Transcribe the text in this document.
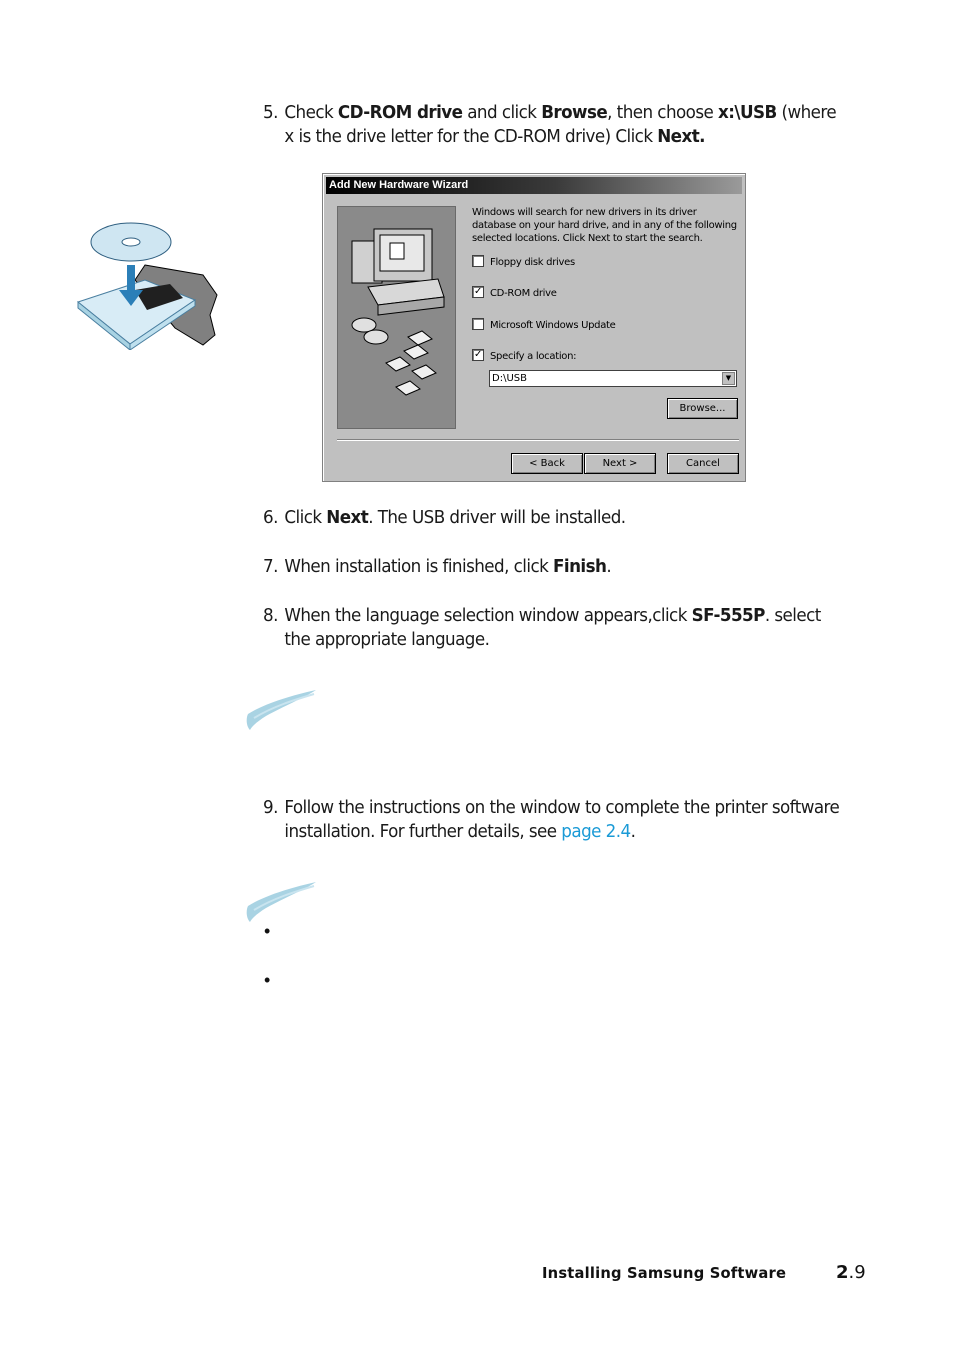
5. Check CD-ROM drive and click Browse, then choose x:\USB (where
x is the drive letter for the CD-ROM drive) Click Next.
Add New Hardware Wizard
Windows will search for new drivers in its driver database on your hard drive, and in any of the following selected locations. Click Next to start the search.
Floppy disk drives
✓ CD-ROM drive
Microsoft Windows Update
✓ Specify a location:
D:\USB	▼
Browse...
< Back	Next >	Cancel
6. Click Next. The USB driver will be installed.
7. When installation is finished, click Finish.
8. When the language selection window appears,click SF-555P. select
the appropriate language.
9. Follow the instructions on the window to complete the printer software
installation. For further details, see page 2.4.
•
•
Installing Samsung Software	2.9
